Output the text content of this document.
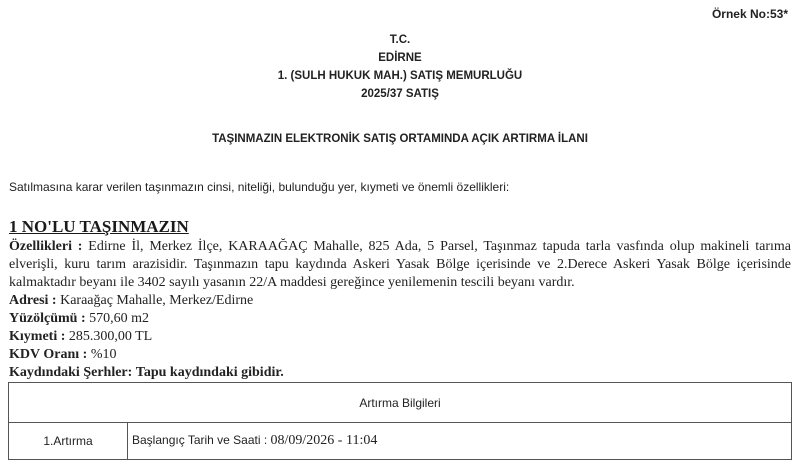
Örnek No:53*
T.C.
EDİRNE
1. (SULH HUKUK MAH.) SATIŞ MEMURLUĞU
2025/37 SATIŞ
TAŞINMAZIN ELEKTRONİK SATIŞ ORTAMINDA AÇIK ARTIRMA İLANI
Satılmasına karar verilen taşınmazın cinsi, niteliği, bulunduğu yer, kıymeti ve önemli özellikleri:
1 NO'LU TAŞINMAZIN

Özellikleri : Edirne İl, Merkez İlçe, KARAAĞAÇ Mahalle, 825 Ada, 5 Parsel, Taşınmaz tapuda tarla vasfında olup makineli tarıma elverişli, kuru tarım arazisidir. Taşınmazın tapu kaydında Askeri Yasak Bölge içerisinde ve 2.Derece Askeri Yasak Bölge içerisinde kalmaktadır beyanı ile 3402 sayılı yasanın 22/A maddesi gereğince yenilemenin tescili beyanı vardır.

Adresi : Karaağaç Mahalle, Merkez/Edirne

Yüzölçümü : 570,60 m2

Kıymeti : 285.300,00 TL

KDV Oranı : %10

Kaydındaki Şerhler: Tapu kaydındaki gibidir.

Artırma Bilgileri
1.Artırma	Başlangıç Tarih ve Saati : 08/09/2026 - 11:04
